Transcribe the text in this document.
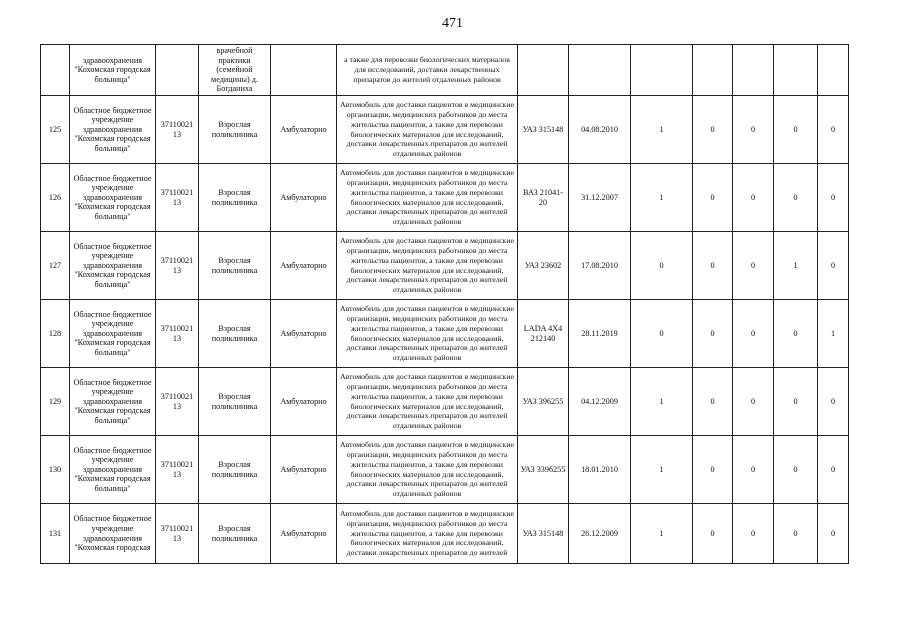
471
	здравоохранения "Кохомская городская больница"		врачебной практики (семейной медицины) д. Богданиха		а также для перевозки биологических материалов для исследований, доставки лекарственных препаратов до жителей отдаленных районов							
125	Областное бюджетное учреждение здравоохранения "Кохомская городская больница"	37110021 13	Взрослая поликлиника	Амбулаторно	Автомобиль для доставки пациентов в медицинские организации, медицинских работников до места жительства пациентов, а также для перевозки биологических материалов для исследований, доставки лекарственных препаратов до жителей отдаленных районов	УАЗ 315148	04.08.2010	1	0	0	0	0
126	Областное бюджетное учреждение здравоохранения "Кохомская городская больница"	37110021 13	Взрослая поликлиника	Амбулаторно	Автомобиль для доставки пациентов в медицинские организации, медицинских работников до места жительства пациентов, а также для перевозки биологических материалов для исследований, доставки лекарственных препаратов до жителей отдаленных районов	ВАЗ 21041-20	31.12.2007	1	0	0	0	0
127	Областное бюджетное учреждение здравоохранения "Кохомская городская больница"	37110021 13	Взрослая поликлиника	Амбулаторно	Автомобиль для доставки пациентов в медицинские организации, медицинских работников до места жительства пациентов, а также для перевозки биологических материалов для исследований, доставки лекарственных препаратов до жителей отдаленных районов	УАЗ 23602	17.08.2010	0	0	0	1	0
128	Областное бюджетное учреждение здравоохранения "Кохомская городская больница"	37110021 13	Взрослая поликлиника	Амбулаторно	Автомобиль для доставки пациентов в медицинские организации, медицинских работников до места жительства пациентов, а также для перевозки биологических материалов для исследований, доставки лекарственных препаратов до жителей отдаленных районов	LADA 4X4 212140	28.11.2019	0	0	0	0	1
129	Областное бюджетное учреждение здравоохранения "Кохомская городская больница"	37110021 13	Взрослая поликлиника	Амбулаторно	Автомобиль для доставки пациентов в медицинские организации, медицинских работников до места жительства пациентов, а также для перевозки биологических материалов для исследований, доставки лекарственных препаратов до жителей отдаленных районов	УАЗ 396255	04.12.2009	1	0	0	0	0
130	Областное бюджетное учреждение здравоохранения "Кохомская городская больница"	37110021 13	Взрослая поликлиника	Амбулаторно	Автомобиль для доставки пациентов в медицинские организации, медицинских работников до места жительства пациентов, а также для перевозки биологических материалов для исследований, доставки лекарственных препаратов до жителей отдаленных районов	УАЗ 3396255	18.01.2010	1	0	0	0	0
131	Областное бюджетное учреждение здравоохранения "Кохомская городская	37110021 13	Взрослая поликлиника	Амбулаторно	Автомобиль для доставки пациентов в медицинские организации, медицинских работников до места жительства пациентов, а также для перевозки биологических материалов для исследований, доставки лекарственных препаратов до жителей	УАЗ 315148	26.12.2009	1	0	0	0	0
